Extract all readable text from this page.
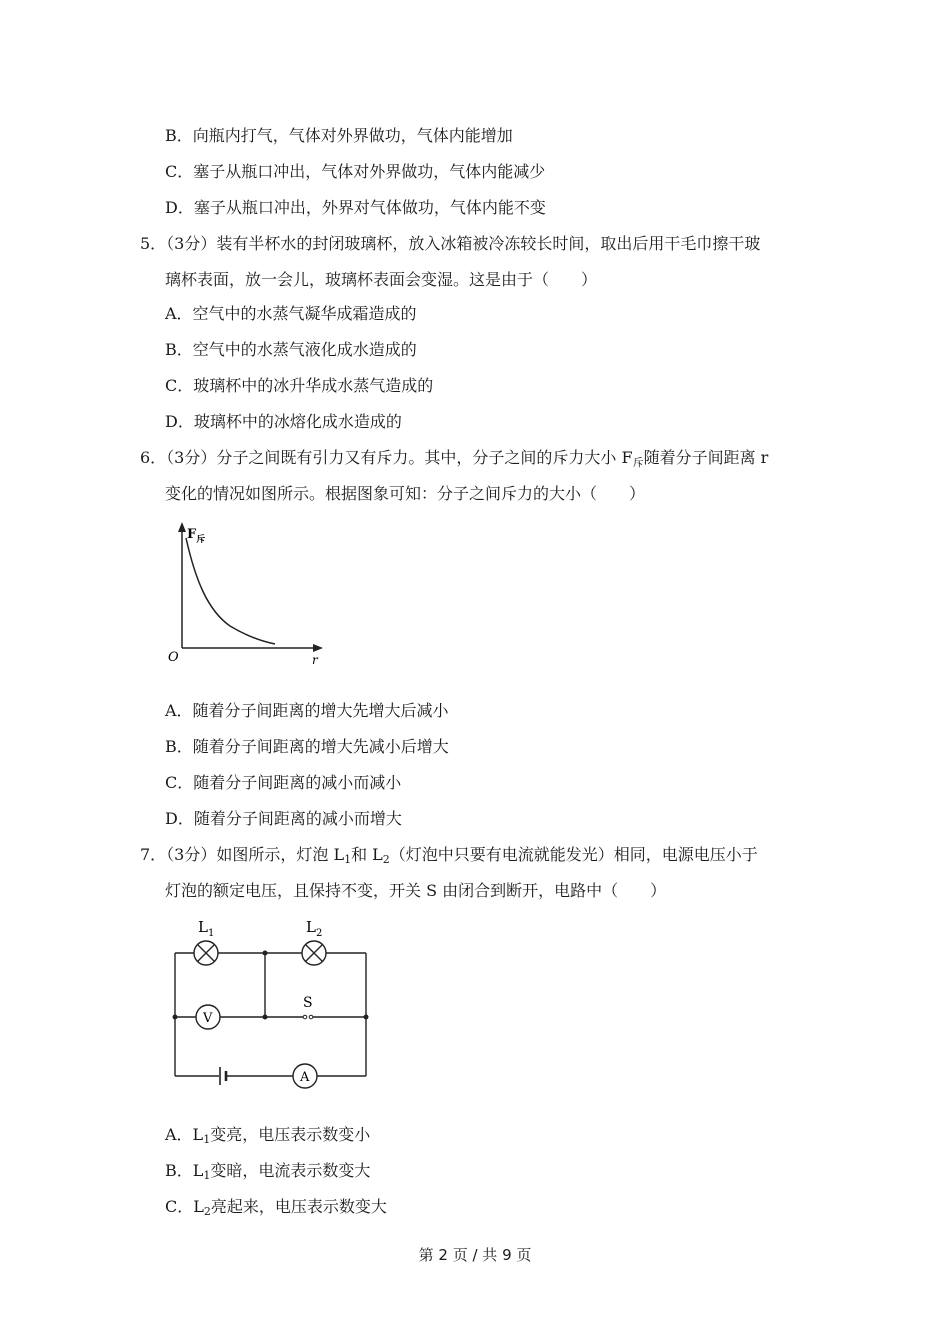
B．向瓶内打气，气体对外界做功，气体内能增加
C．塞子从瓶口冲出，气体对外界做功，气体内能减少
D．塞子从瓶口冲出，外界对气体做功，气体内能不变
5．（3分）装有半杯水的封闭玻璃杯，放入冰箱被冷冻较长时间，取出后用干毛巾擦干玻
璃杯表面，放一会儿，玻璃杯表面会变湿。这是由于（　　）
A．空气中的水蒸气凝华成霜造成的
B．空气中的水蒸气液化成水造成的
C．玻璃杯中的冰升华成水蒸气造成的
D．玻璃杯中的冰熔化成水造成的
6．（3分）分子之间既有引力又有斥力。其中，分子之间的斥力大小 $F_斥$随着分子间距离 r
变化的情况如图所示。根据图象可知：分子之间斥力的大小（　　）
$F_斥$
O	r
A．随着分子间距离的增大先增大后减小
B．随着分子间距离的增大先减小后增大
C．随着分子间距离的减小而减小
D．随着分子间距离的减小而增大
7．（3分）如图所示，灯泡 $L_1$和 $L_2$（灯泡中只要有电流就能发光）相同，电源电压小于
灯泡的额定电压，且保持不变，开关 S 由闭合到断开，电路中（　　）
$L_1$	$L_2$
V
S
A
A．$L_1$变亮，电压表示数变小
B．$L_1$变暗，电流表示数变大
C．$L_2$亮起来，电压表示数变大
第 2 页 / 共 9 页
